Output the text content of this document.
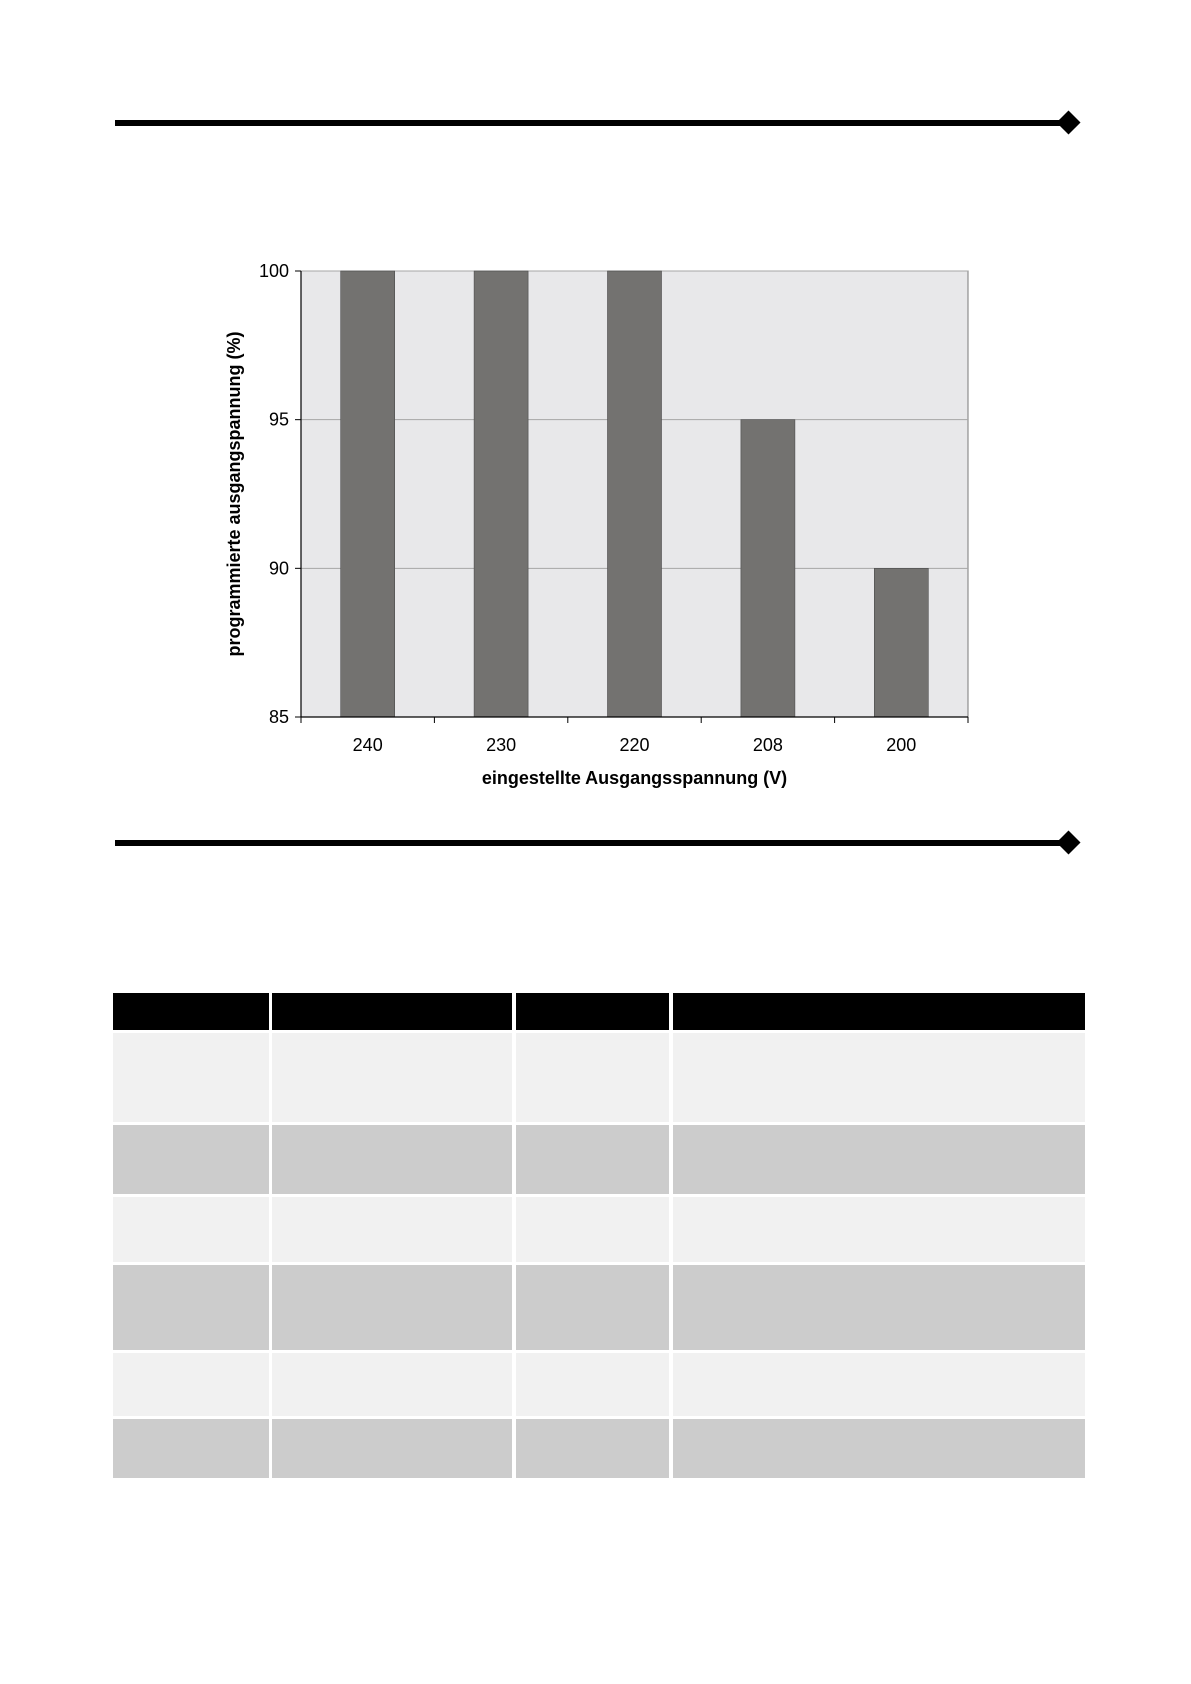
85
90
95
100
240	230	220	208	200
eingestellte Ausgangsspannung (V)
programmierte ausgangspannung (%)
